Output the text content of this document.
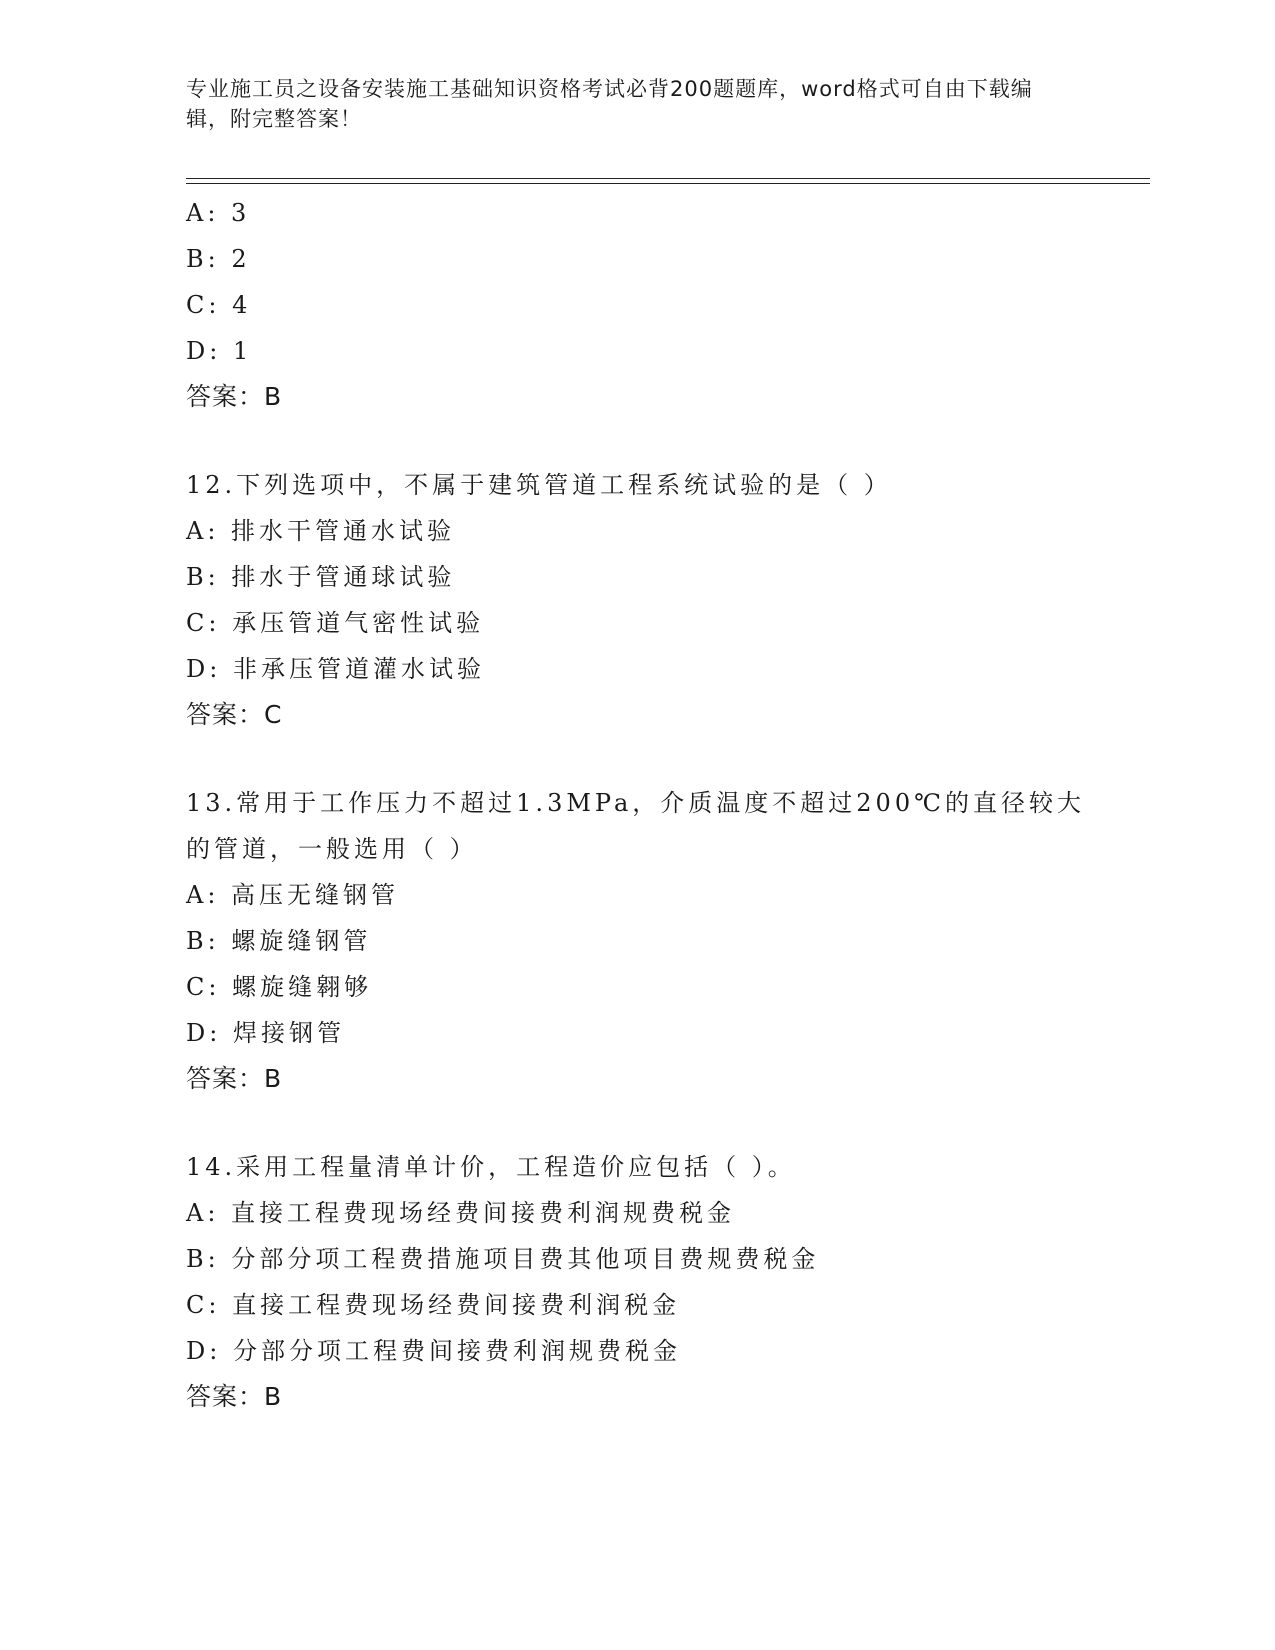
专业施工员之设备安装施工基础知识资格考试必背200题题库，word格式可自由下载编辑，附完整答案！
A: 3
B: 2
C: 4
D: 1
答案：B
12.下列选项中，不属于建筑管道工程系统试验的是（ ）
A: 排水干管通水试验
B: 排水于管通球试验
C: 承压管道气密性试验
D: 非承压管道灌水试验
答案：C
13.常用于工作压力不超过1.3MPa，介质温度不超过200℃的直径较大的管道，一般选用（ ）
A: 高压无缝钢管
B: 螺旋缝钢管
C: 螺旋缝翱够
D: 焊接钢管
答案：B
14.采用工程量清单计价，工程造价应包括（ ）。
A: 直接工程费现场经费间接费利润规费税金
B: 分部分项工程费措施项目费其他项目费规费税金
C: 直接工程费现场经费间接费利润税金
D: 分部分项工程费间接费利润规费税金
答案：B
